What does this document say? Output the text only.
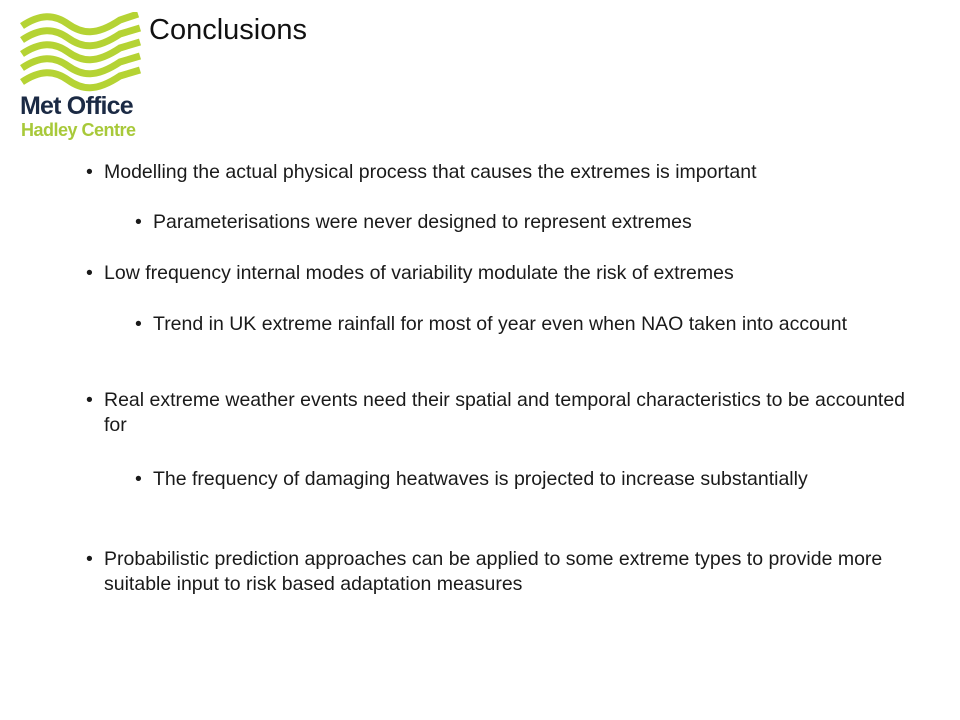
Met Office
Hadley Centre
Conclusions
• Modelling the actual physical process that causes the extremes is important
• Parameterisations were never designed to represent extremes
• Low frequency internal modes of variability modulate the risk of extremes
• Trend in UK extreme rainfall for most of year even when NAO taken into account
• Real extreme weather events need their spatial and temporal characteristics to be accounted for
• The frequency of damaging heatwaves is projected to increase substantially
• Probabilistic prediction approaches can be applied to some extreme types to provide more suitable input to risk based adaptation measures
